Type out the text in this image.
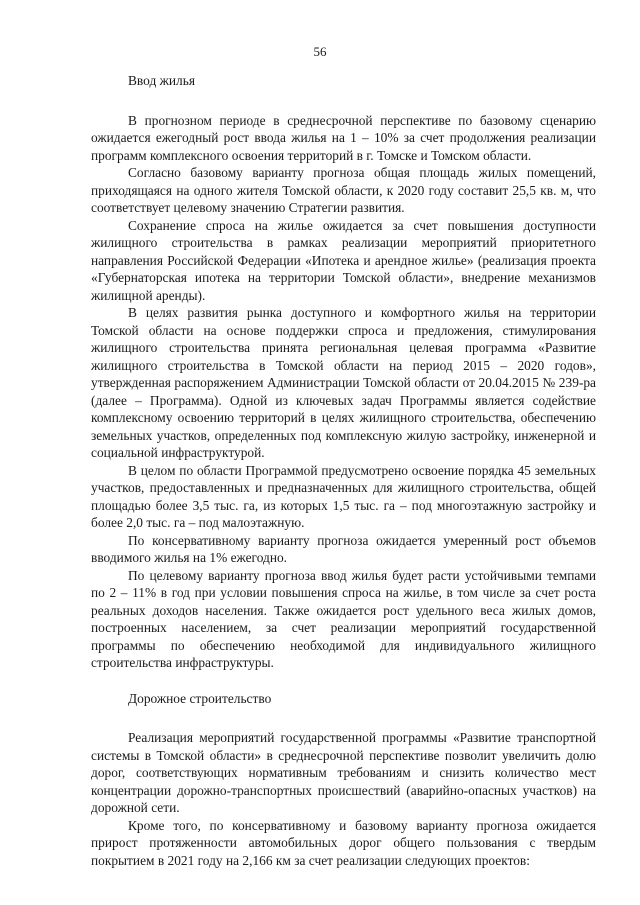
56
Ввод жилья

В прогнозном периоде в среднесрочной перспективе по базовому сценарию ожидается ежегодный рост ввода жилья на 1 – 10% за счет продолжения реализации программ комплексного освоения территорий в г. Томске и Томском области.

Согласно базовому варианту прогноза общая площадь жилых помещений, приходящаяся на одного жителя Томской области, к 2020 году составит 25,5 кв. м, что соответствует целевому значению Стратегии развития.

Сохранение спроса на жилье ожидается за счет повышения доступности жилищного строительства в рамках реализации мероприятий приоритетного направления Российской Федерации «Ипотека и арендное жилье» (реализация проекта «Губернаторская ипотека на территории Томской области», внедрение механизмов жилищной аренды).

В целях развития рынка доступного и комфортного жилья на территории Томской области на основе поддержки спроса и предложения, стимулирования жилищного строительства принята региональная целевая программа «Развитие жилищного строительства в Томской области на период 2015 – 2020 годов», утвержденная распоряжением Администрации Томской области от 20.04.2015 № 239-ра (далее – Программа). Одной из ключевых задач Программы является содействие комплексному освоению территорий в целях жилищного строительства, обеспечению земельных участков, определенных под комплексную жилую застройку, инженерной и социальной инфраструктурой.

В целом по области Программой предусмотрено освоение порядка 45 земельных участков, предоставленных и предназначенных для жилищного строительства, общей площадью более 3,5 тыс. га, из которых 1,5 тыс. га – под многоэтажную застройку и более 2,0 тыс. га – под малоэтажную.

По консервативному варианту прогноза ожидается умеренный рост объемов вводимого жилья на 1% ежегодно.

По целевому варианту прогноза ввод жилья будет расти устойчивыми темпами по 2 – 11% в год при условии повышения спроса на жилье, в том числе за счет роста реальных доходов населения. Также ожидается рост удельного веса жилых домов, построенных населением, за счет реализации мероприятий государственной программы по обеспечению необходимой для индивидуального жилищного строительства инфраструктуры.

Дорожное строительство

Реализация мероприятий государственной программы «Развитие транспортной системы в Томской области» в среднесрочной перспективе позволит увеличить долю дорог, соответствующих нормативным требованиям и снизить количество мест концентрации дорожно-транспортных происшествий (аварийно-опасных участков) на дорожной сети.

Кроме того, по консервативному и базовому варианту прогноза ожидается прирост протяженности автомобильных дорог общего пользования с твердым покрытием в 2021 году на 2,166 км за счет реализации следующих проектов:
